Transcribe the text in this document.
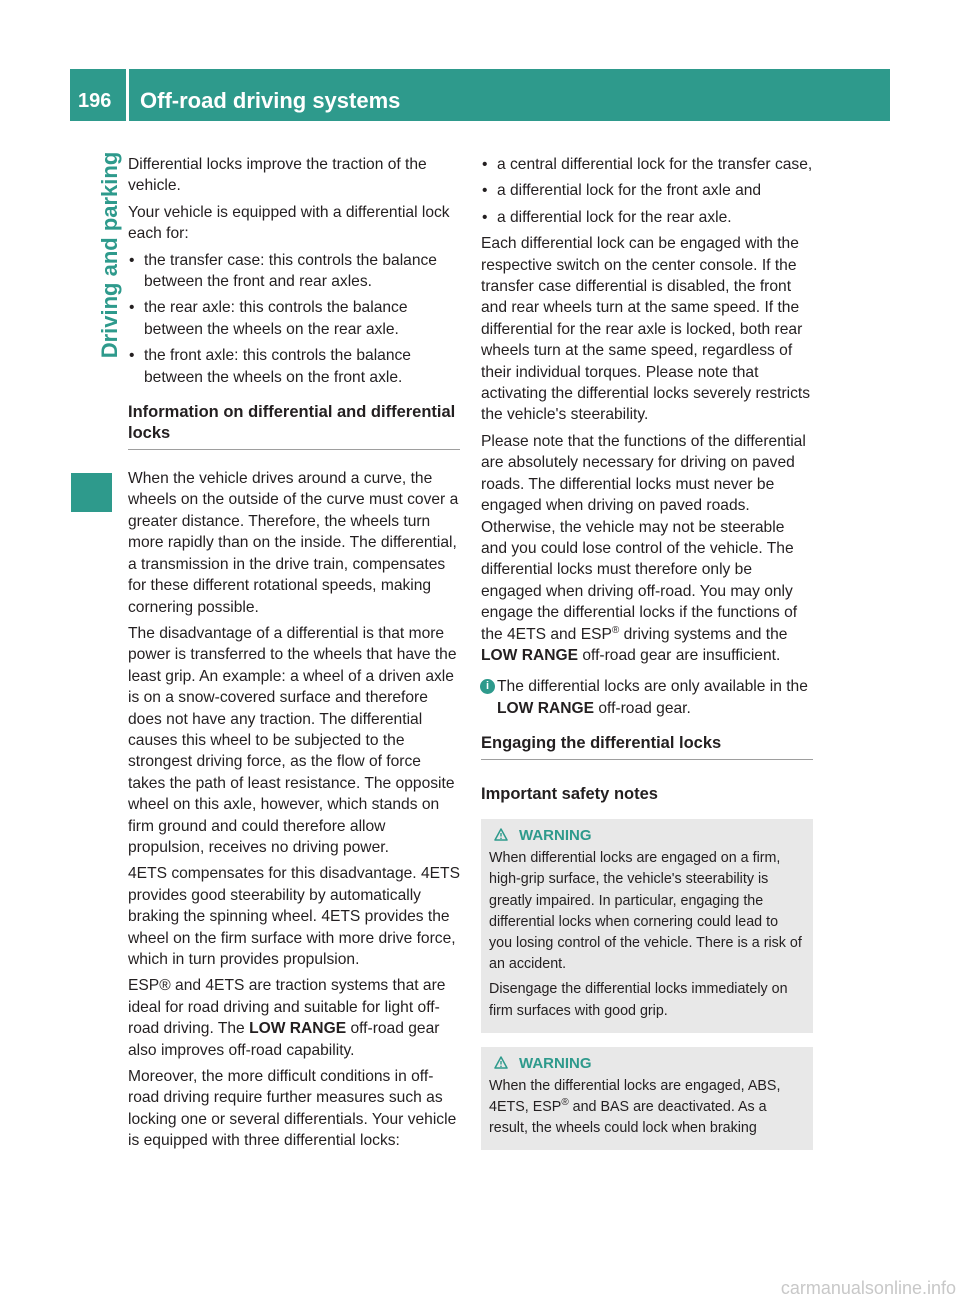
196 Off-road driving systems
Driving and parking Differential locks improve the traction of the vehicle.

Your vehicle is equipped with a differential lock each for:

• the transfer case: this controls the balance between the front and rear axles.
• the rear axle: this controls the balance between the wheels on the rear axle.
• the front axle: this controls the balance between the wheels on the front axle.
Information on differential and differential locks

When the vehicle drives around a curve, the wheels on the outside of the curve must cover a greater distance. Therefore, the wheels turn more rapidly than on the inside. The differential, a transmission in the drive train, compensates for these different rotational speeds, making cornering possible.

The disadvantage of a differential is that more power is transferred to the wheels that have the least grip. An example: a wheel of a driven axle is on a snow-covered surface and therefore does not have any traction. The differential causes this wheel to be subjected to the strongest driving force, as the flow of force takes the path of least resistance. The opposite wheel on this axle, however, which stands on firm ground and could therefore allow propulsion, receives no driving power.

4ETS compensates for this disadvantage. 4ETS provides good steerability by automatically braking the spinning wheel. 4ETS provides the wheel on the firm surface with more drive force, which in turn provides propulsion.

ESP® and 4ETS are traction systems that are ideal for road driving and suitable for light off-road driving. The LOW RANGE off-road gear also improves off-road capability.

Moreover, the more difficult conditions in off-road driving require further measures such as locking one or several differentials. Your vehicle is equipped with three differential locks:

• a central differential lock for the transfer case,
• a differential lock for the front axle and
• a differential lock for the rear axle.

Each differential lock can be engaged with the respective switch on the center console. If the transfer case differential is disabled, the front and rear wheels turn at the same speed. If the differential for the rear axle is locked, both rear wheels turn at the same speed, regardless of their individual torques. Please note that activating the differential locks severely restricts the vehicle's steerability.

Please note that the functions of the differential are absolutely necessary for driving on paved roads. The differential locks must never be engaged when driving on paved roads. Otherwise, the vehicle may not be steerable and you could lose control of the vehicle. The differential locks must therefore only be engaged when driving off-road. You may only engage the differential locks if the functions of the 4ETS and ESP® driving systems and the LOW RANGE off-road gear are insufficient.

i The differential locks are only available in the LOW RANGE off-road gear.
Engaging the differential locks
Important safety notes
WARNING

When differential locks are engaged on a firm, high-grip surface, the vehicle's steerability is greatly impaired. In particular, engaging the differential locks when cornering could lead to you losing control of the vehicle. There is a risk of an accident.

Disengage the differential locks immediately on firm surfaces with good grip.

WARNING

When the differential locks are engaged, ABS, 4ETS, ESP® and BAS are deactivated. As a result, the wheels could lock when braking

carmanualsonline.info
